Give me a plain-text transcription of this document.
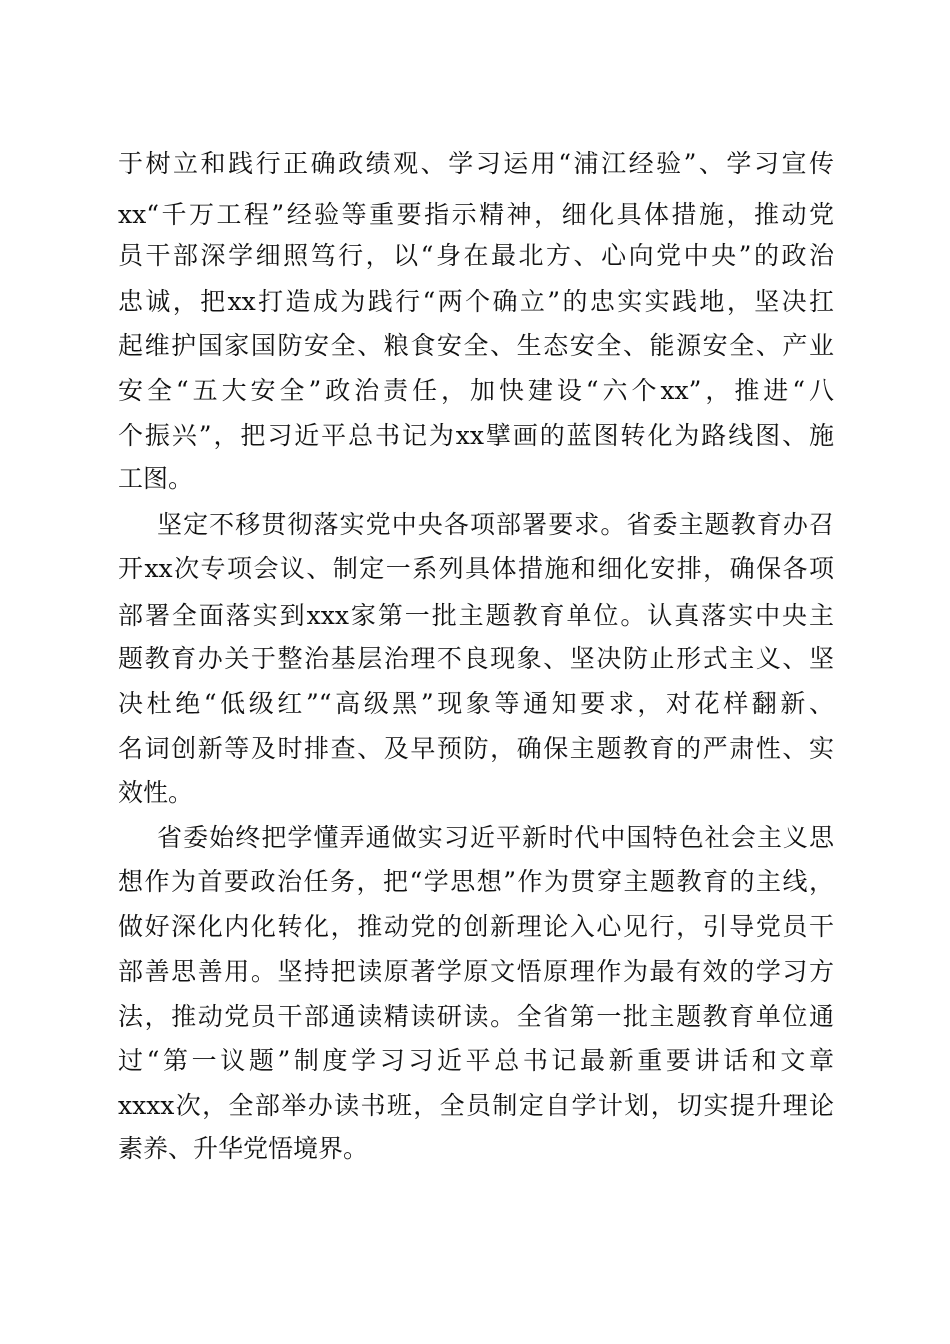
于树立和践行正确政绩观、学习运用“浦江经验”、学习宣传
xx“千万工程”经验等重要指示精神，细化具体措施，推动党
员干部深学细照笃行，以“身在最北方、心向党中央”的政治
忠诚，把xx打造成为践行“两个确立”的忠实实践地，坚决扛
起维护国家国防安全、粮食安全、生态安全、能源安全、产业
安全“五大安全”政治责任，加快建设“六个xx”，推进“八
个振兴”，把习近平总书记为xx擘画的蓝图转化为路线图、施
工图。
坚定不移贯彻落实党中央各项部署要求。省委主题教育办召
开xx次专项会议、制定一系列具体措施和细化安排，确保各项
部署全面落实到xxx家第一批主题教育单位。认真落实中央主
题教育办关于整治基层治理不良现象、坚决防止形式主义、坚
决杜绝“低级红”“高级黑”现象等通知要求，对花样翻新、
名词创新等及时排查、及早预防，确保主题教育的严肃性、实
效性。
省委始终把学懂弄通做实习近平新时代中国特色社会主义思
想作为首要政治任务，把“学思想”作为贯穿主题教育的主线，
做好深化内化转化，推动党的创新理论入心见行，引导党员干
部善思善用。坚持把读原著学原文悟原理作为最有效的学习方
法，推动党员干部通读精读研读。全省第一批主题教育单位通
过“第一议题”制度学习习近平总书记最新重要讲话和文章
xxxx次，全部举办读书班，全员制定自学计划，切实提升理论
素养、升华党悟境界。
